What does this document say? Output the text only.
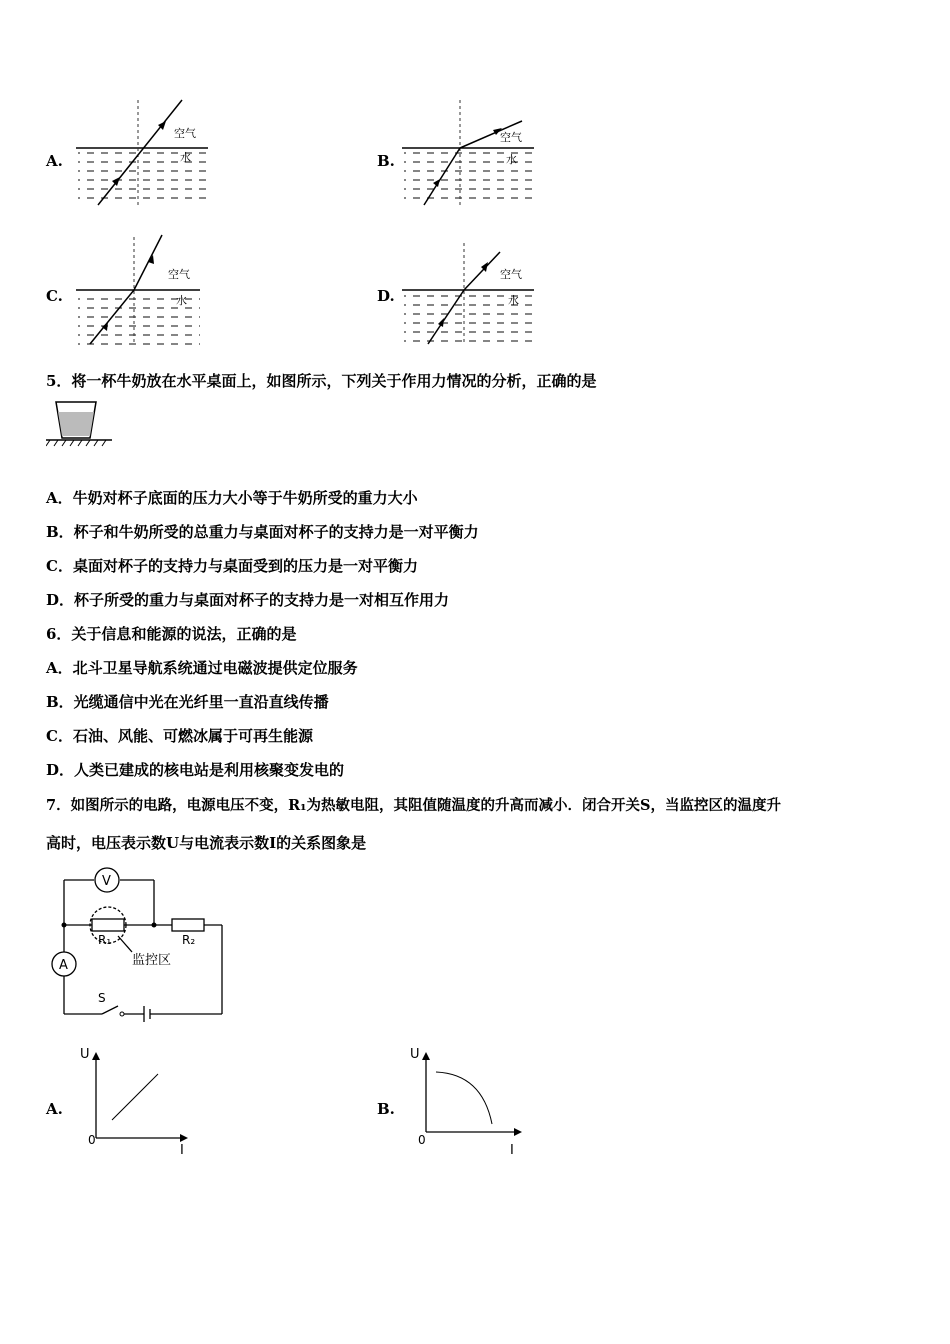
A.
空气
水	B.
空气
水
C.
空气
水	D.
空气
水
5．将一杯牛奶放在水平桌面上，如图所示，下列关于作用力情况的分析，正确的是
A．牛奶对杯子底面的压力大小等于牛奶所受的重力大小
B．杯子和牛奶所受的总重力与桌面对杯子的支持力是一对平衡力
C．桌面对杯子的支持力与桌面受到的压力是一对平衡力
D．杯子所受的重力与桌面对杯子的支持力是一对相互作用力
6．关于信息和能源的说法，正确的是
A．北斗卫星导航系统通过电磁波提供定位服务
B．光缆通信中光在光纤里一直沿直线传播
C．石油、风能、可燃冰属于可再生能源
D．人类已建成的核电站是利用核聚变发电的
7．如图所示的电路，电源电压不变，R₁为热敏电阻，其阻值随温度的升高而减小．闭合开关S，当监控区的温度升
高时，电压表示数U与电流表示数I的关系图象是
V
A
R₁	R₂
监控区
S
A.
U
I
0
B.
U
I
0
